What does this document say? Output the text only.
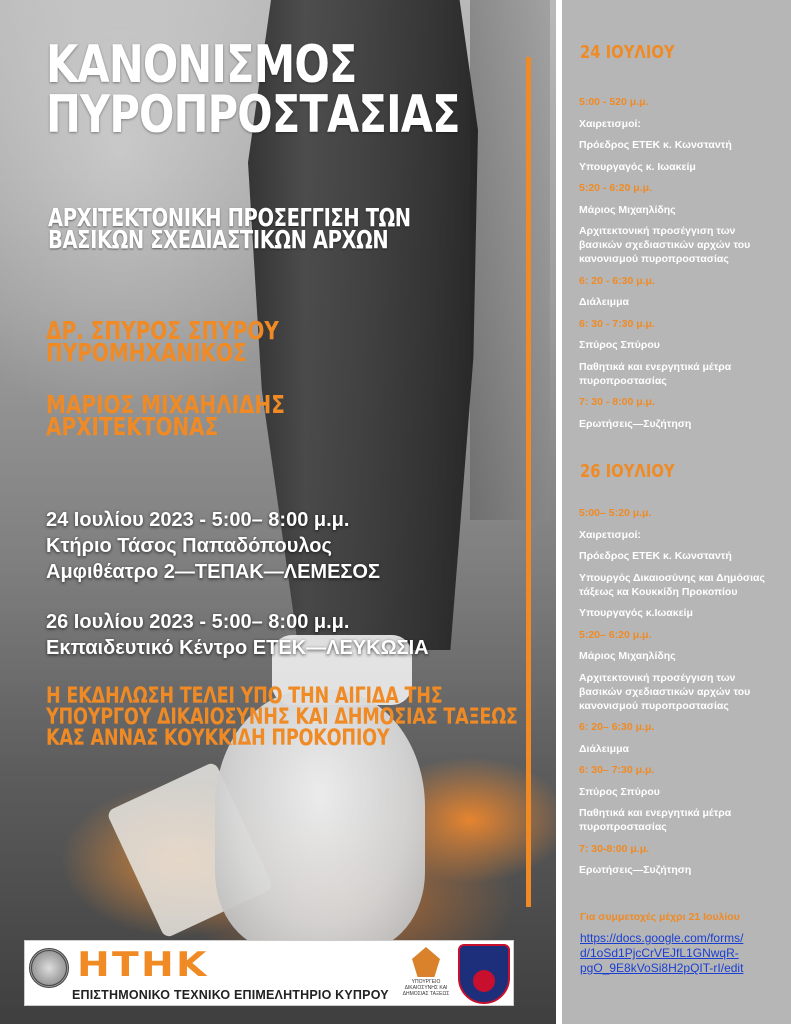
ΚΑΝΟΝΙΣΜΟΣ
ΠΥΡΟΠΡΟΣΤΑΣΙΑΣ
ΑΡΧΙΤΕΚΤΟΝΙΚΗ ΠΡΟΣΕΓΓΙΣΗ ΤΩΝ
ΒΑΣΙΚΩΝ ΣΧΕΔΙΑΣΤΙΚΩΝ ΑΡΧΩΝ
ΔΡ. ΣΠΥΡΟΣ ΣΠΥΡΟΥ
ΠΥΡΟΜΗΧΑΝΙΚΟΣ
ΜΑΡΙΟΣ ΜΙΧΑΗΛΙΔΗΣ
ΑΡΧΙΤΕΚΤΟΝΑΣ
24 Ιουλίου 2023 - 5:00– 8:00 μ.μ.
Κτήριο Τάσος Παπαδόπουλος
Αμφιθέατρο 2—ΤΕΠΑΚ—ΛΕΜΕΣΟΣ
26 Ιουλίου 2023 - 5:00– 8:00 μ.μ.
Εκπαιδευτικό Κέντρο ΕΤΕΚ—ΛΕΥΚΩΣΙΑ
Η ΕΚΔΗΛΩΣΗ ΤΕΛΕΙ ΥΠΟ ΤΗΝ ΑΙΓΙΔΑ ΤΗΣ
ΥΠΟΥΡΓΟΥ ΔΙΚΑΙΟΣΥΝΗΣ ΚΑΙ ΔΗΜΟΣΙΑΣ ΤΑΞΕΩΣ
ΚΑΣ ΑΝΝΑΣ ΚΟΥΚΚΙΔΗ ΠΡΟΚΟΠΙΟΥ
ΗΤΗΚ
ΕΠΙΣΤΗΜΟΝΙΚΟ ΤΕΧΝΙΚΟ ΕΠΙΜΕΛΗΤΗΡΙΟ ΚΥΠΡΟΥ
ΥΠΟΥΡΓΕΙΟ ΔΙΚΑΙΟΣΥΝΗΣ ΚΑΙ ΔΗΜΟΣΙΑΣ ΤΑΞΕΩΣ
24 ΙΟΥΛΙΟΥ
5:00 - 520 μ.μ.
Χαιρετισμοί:
Πρόεδρος ΕΤΕΚ κ. Κωνσταντή
Υπουργαγός κ. Ιωακείμ
5:20 - 6:20 μ.μ.
Μάριος Μιχαηλίδης
Αρχιτεκτονική προσέγγιση των
βασικών σχεδιαστικών αρχών του
κανονισμού πυροπροστασίας
6: 20 - 6:30 μ.μ.
Διάλειμμα
6: 30 - 7:30 μ.μ.
Σπύρος Σπύρου
Παθητικά και ενεργητικά μέτρα
πυροπροστασίας
7: 30 - 8:00 μ.μ.
Ερωτήσεις—Συζήτηση
26 ΙΟΥΛΙΟΥ
5:00– 5:20 μ.μ.
Χαιρετισμοί:
Πρόεδρος ΕΤΕΚ κ. Κωνσταντή
Υπουργός Δικαιοσύνης και Δημόσιας
τάξεως κα Κουκκίδη Προκοπίου
Υπουργαγός κ.Ιωακείμ
5:20– 6:20 μ.μ.
Μάριος Μιχαηλίδης
Αρχιτεκτονική προσέγγιση των
βασικών σχεδιαστικών αρχών του
κανονισμού πυροπροστασίας
6: 20– 6:30 μ.μ.
Διάλειμμα
6: 30– 7:30 μ.μ.
Σπύρος Σπύρου
Παθητικά και ενεργητικά μέτρα
πυροπροστασίας
7: 30-8:00 μ.μ.
Ερωτήσεις—Συζήτηση
Για συμμετοχές μέχρι 21 Ιουλίου
https://docs.google.com/forms/
d/1oSd1PjcCrVEJfL1GNwqR-
pgO_9E8kVoSi8H2pQIT-rI/edit
